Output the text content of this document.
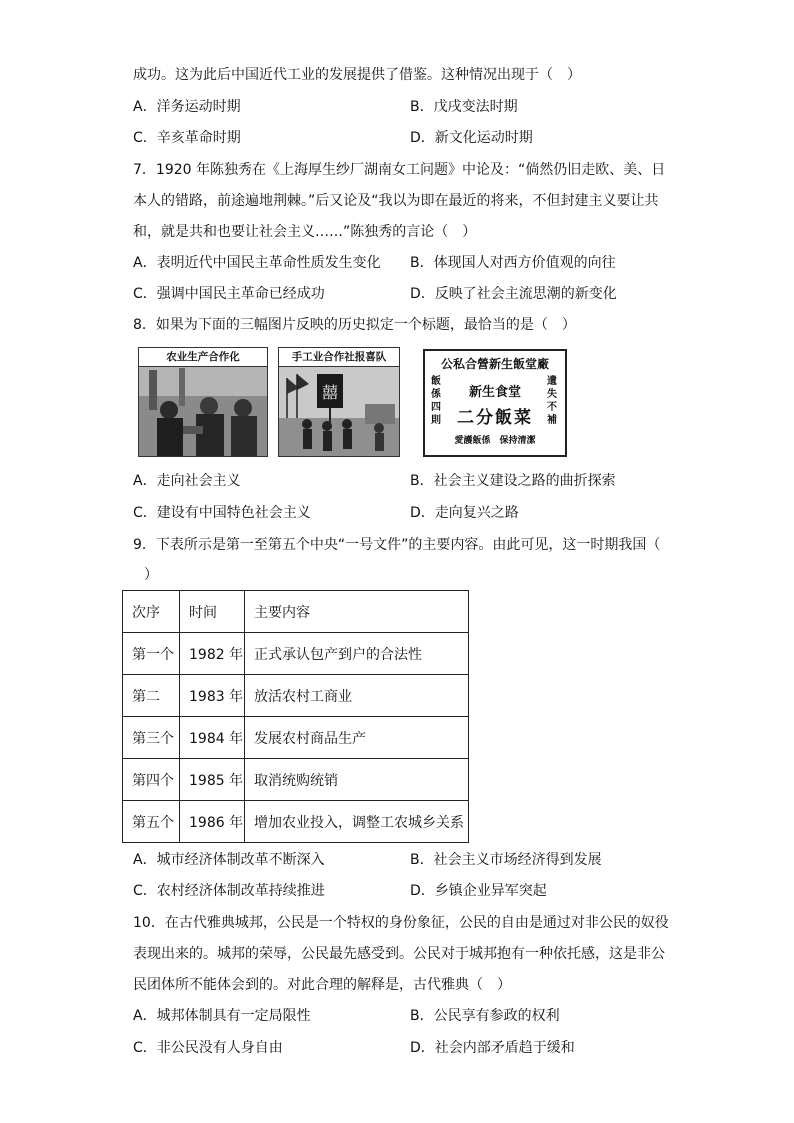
成功。这为此后中国近代工业的发展提供了借鉴。这种情况出现于（　）
A．洋务运动时期	B．戊戌变法时期
C．辛亥革命时期	D．新文化运动时期
7．1920 年陈独秀在《上海厚生纱厂湖南女工问题》中论及：“倘然仍旧走欧、美、日
本人的错路，前途遍地荆棘。”后又论及“我以为即在最近的将来，不但封建主义要让共
和，就是共和也要让社会主义……”陈独秀的言论（　）
A．表明近代中国民主革命性质发生变化 B．体现国人对西方价值观的向往
C．强调中国民主革命已经成功	D．反映了社会主流思潮的新变化
8．如果为下面的三幅图片反映的历史拟定一个标题，最恰当的是（　）
农业生产合作化
囍
手工业合作社报喜队	公私合營新生飯堂廠
新生食堂
二分飯菜
飯係四則
遺失不補
愛護飯係　保持清潔
A．走向社会主义	B．社会主义建设之路的曲折探索
C．建设有中国特色社会主义	D．走向复兴之路
9．下表所示是第一至第五个中央“一号文件”的主要内容。由此可见，这一时期我国（
）
次序	时间	主要内容
第一个	1982 年	正式承认包产到户的合法性
第二	1983 年	放活农村工商业
第三个	1984 年	发展农村商品生产
第四个	1985 年	取消统购统销
第五个	1986 年	增加农业投入，调整工农城乡关系
A．城市经济体制改革不断深入	B．社会主义市场经济得到发展
C．农村经济体制改革持续推进	D．乡镇企业异军突起
10．在古代雅典城邦，公民是一个特权的身份象征，公民的自由是通过对非公民的奴役
表现出来的。城邦的荣辱，公民最先感受到。公民对于城邦抱有一种依托感，这是非公
民团体所不能体会到的。对此合理的解释是，古代雅典（　）
A．城邦体制具有一定局限性	B．公民享有参政的权利
C．非公民没有人身自由	D．社会内部矛盾趋于缓和
